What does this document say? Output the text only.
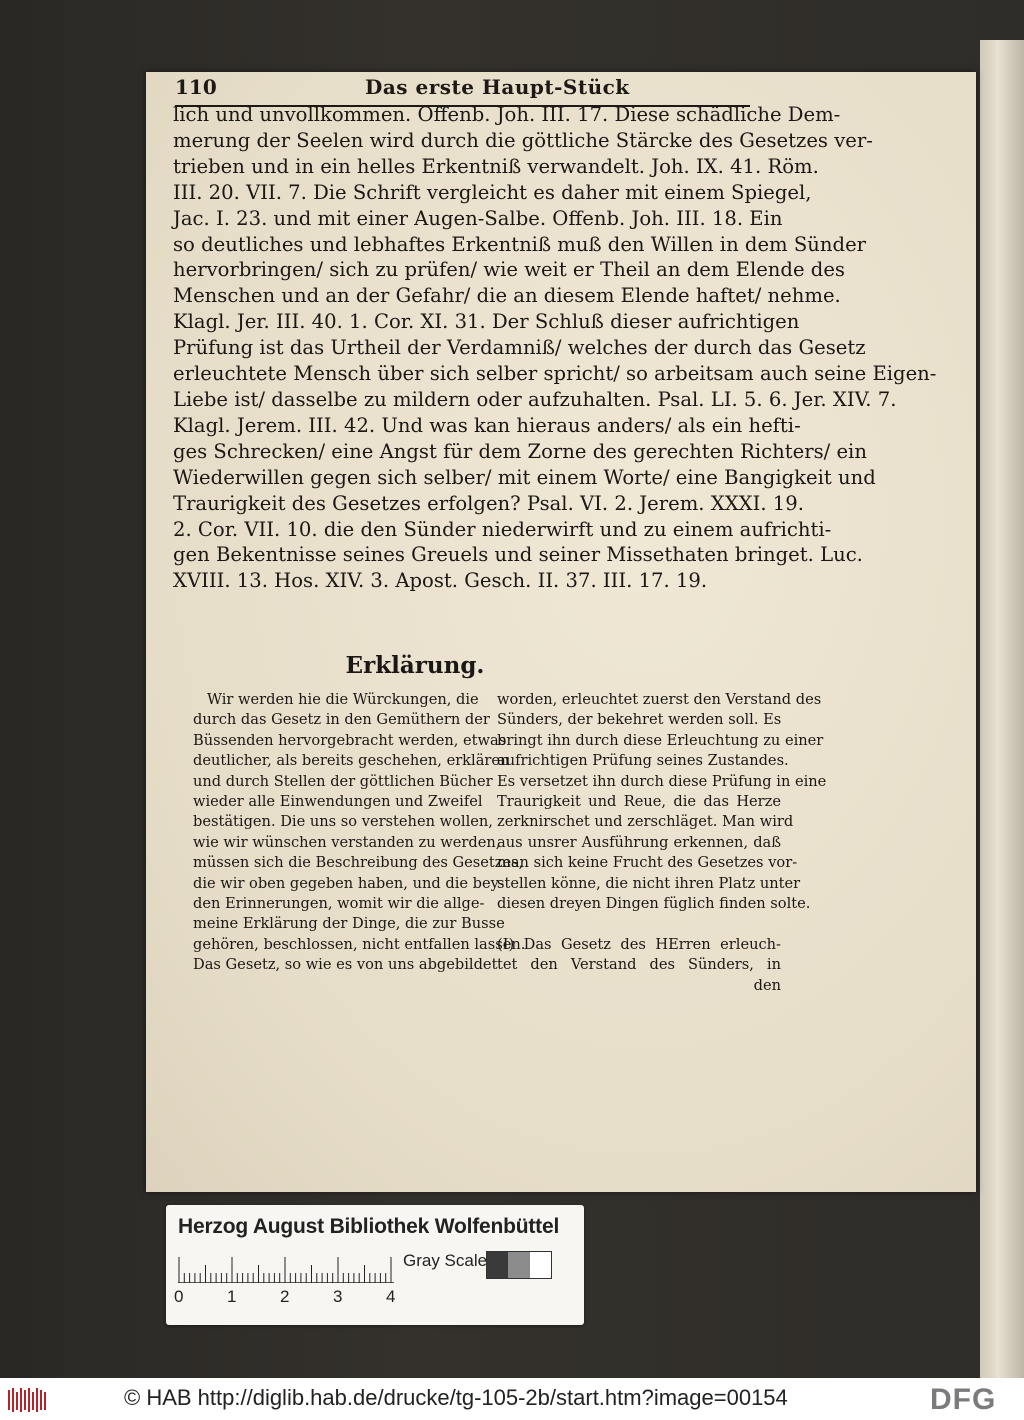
110	Das erste Haupt-Stück
lich und unvollkommen. Offenb. Joh. III. 17. Diese schädliche Dem-
merung der Seelen wird durch die göttliche Stärcke des Gesetzes ver-
trieben und in ein helles Erkentniß verwandelt. Joh. IX. 41. Röm.
III. 20. VII. 7. Die Schrift vergleicht es daher mit einem Spiegel,
Jac. I. 23. und mit einer Augen-Salbe. Offenb. Joh. III. 18. Ein
so deutliches und lebhaftes Erkentniß muß den Willen in dem Sünder
hervorbringen/ sich zu prüfen/ wie weit er Theil an dem Elende des
Menschen und an der Gefahr/ die an diesem Elende haftet/ nehme.
Klagl. Jer. III. 40. 1. Cor. XI. 31. Der Schluß dieser aufrichtigen
Prüfung ist das Urtheil der Verdamniß/ welches der durch das Gesetz
erleuchtete Mensch über sich selber spricht/ so arbeitsam auch seine Eigen-
Liebe ist/ dasselbe zu mildern oder aufzuhalten. Psal. LI. 5. 6. Jer. XIV. 7.
Klagl. Jerem. III. 42. Und was kan hieraus anders/ als ein hefti-
ges Schrecken/ eine Angst für dem Zorne des gerechten Richters/ ein
Wiederwillen gegen sich selber/ mit einem Worte/ eine Bangigkeit und
Traurigkeit des Gesetzes erfolgen? Psal. VI. 2. Jerem. XXXI. 19.
2. Cor. VII. 10. die den Sünder niederwirft und zu einem aufrichti-
gen Bekentnisse seines Greuels und seiner Missethaten bringet. Luc.
XVIII. 13. Hos. XIV. 3. Apost. Gesch. II. 37. III. 17. 19.
Erklärung.
Wir werden hie die Würckungen, die
durch das Gesetz in den Gemüthern der
Büssenden hervorgebracht werden, etwas
deutlicher, als bereits geschehen, erklären
und durch Stellen der göttlichen Bücher
wieder alle Einwendungen und Zweifel
bestätigen. Die uns so verstehen wollen,
wie wir wünschen verstanden zu werden,
müssen sich die Beschreibung des Gesetzes,
die wir oben gegeben haben, und die bey-
den Erinnerungen, womit wir die allge-
meine Erklärung der Dinge, die zur Busse
gehören, beschlossen, nicht entfallen lassen.
Das Gesetz, so wie es von uns abgebildet
worden, erleuchtet zuerst den Verstand des
Sünders, der bekehret werden soll. Es
bringt ihn durch diese Erleuchtung zu einer
aufrichtigen Prüfung seines Zustandes.
Es versetzet ihn durch diese Prüfung in eine
Traurigkeit und Reue, die das Herze
zerknirschet und zerschläget. Man wird
aus unsrer Ausführung erkennen, daß
man sich keine Frucht des Gesetzes vor-
stellen könne, die nicht ihren Platz unter
diesen dreyen Dingen füglich finden solte.

(I) Das Gesetz des HErren erleuch-
tet den Verstand des Sünders, in
den
Herzog August Bibliothek Wolfenbüttel
0	1	2	3	4
Gray Scale
© HAB http://diglib.hab.de/drucke/tg-105-2b/start.htm?image=00154	DFG
